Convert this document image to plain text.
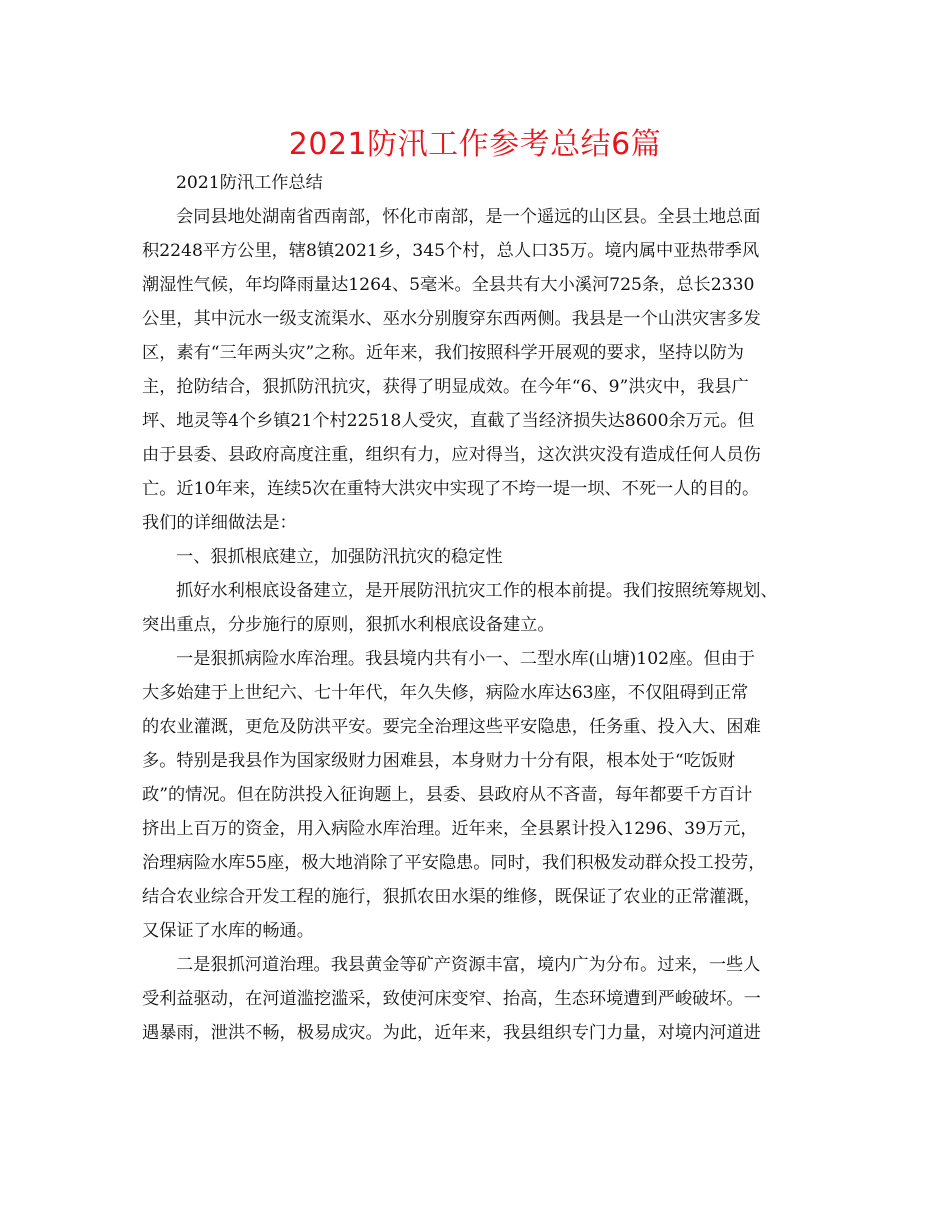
2021防汛工作参考总结6篇

2021防汛工作总结

会同县地处湖南省西南部，怀化市南部，是一个遥远的山区县。全县土地总面

积2248平方公里，辖8镇2021乡，345个村，总人口35万。境内属中亚热带季风

潮湿性气候，年均降雨量达1264、5毫米。全县共有大小溪河725条，总长2330

公里，其中沅水一级支流渠水、巫水分别腹穿东西两侧。我县是一个山洪灾害多发

区，素有“三年两头灾”之称。近年来，我们按照科学开展观的要求，坚持以防为

主，抢防结合，狠抓防汛抗灾，获得了明显成效。在今年“6、9”洪灾中，我县广

坪、地灵等4个乡镇21个村22518人受灾，直截了当经济损失达8600余万元。但

由于县委、县政府高度注重，组织有力，应对得当，这次洪灾没有造成任何人员伤

亡。近10年来，连续5次在重特大洪灾中实现了不垮一堤一坝、不死一人的目的。

我们的详细做法是：

一、狠抓根底建立，加强防汛抗灾的稳定性

抓好水利根底设备建立，是开展防汛抗灾工作的根本前提。我们按照统筹规划、

突出重点，分步施行的原则，狠抓水利根底设备建立。

一是狠抓病险水库治理。我县境内共有小一、二型水库(山塘)102座。但由于

大多始建于上世纪六、七十年代，年久失修，病险水库达63座，不仅阻碍到正常

的农业灌溉，更危及防洪平安。要完全治理这些平安隐患，任务重、投入大、困难

多。特别是我县作为国家级财力困难县，本身财力十分有限，根本处于“吃饭财

政”的情况。但在防洪投入征询题上，县委、县政府从不吝啬，每年都要千方百计

挤出上百万的资金，用入病险水库治理。近年来，全县累计投入1296、39万元，

治理病险水库55座，极大地消除了平安隐患。同时，我们积极发动群众投工投劳，

结合农业综合开发工程的施行，狠抓农田水渠的维修，既保证了农业的正常灌溉，

又保证了水库的畅通。

二是狠抓河道治理。我县黄金等矿产资源丰富，境内广为分布。过来，一些人

受利益驱动，在河道滥挖滥采，致使河床变窄、抬高，生态环境遭到严峻破坏。一

遇暴雨，泄洪不畅，极易成灾。为此，近年来，我县组织专门力量，对境内河道进
